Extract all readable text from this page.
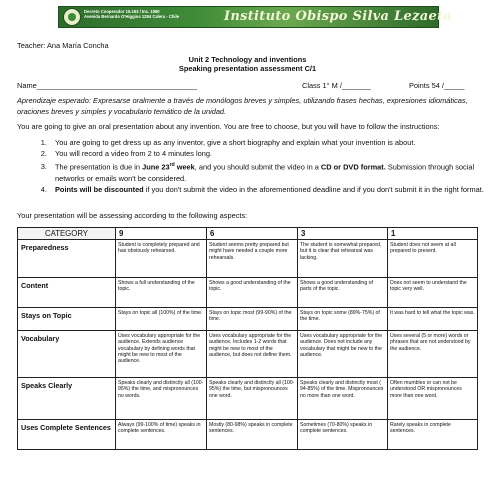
Decreto Cooperador 16.183 / Inc. 1980
Avenida Bernardo O'Higgins 1284 Calera - Chile	Instituto Obispo Silva Lezaeta
Teacher: Ana María Concha
Unit 2 Technology and inventions
Speaking presentation assessment C/1
Name_______________________________________	Class 1° M /_______	Points 54 /_____
Aprendizaje esperado: Expresarse oralmente a través de monólogos breves y simples, utilizando frases hechas, expresiones idiomáticas, oraciones breves y simples y vocabulario temático de la unidad.
You are going to give an oral presentation about any invention. You are free to choose, but you will have to follow the instructions:
1. You are going to get dress up as any inventor, give a short biography and explain what your invention is about.
2. You will record a video from 2 to 4 minutes long.
3. The presentation is due in June 23rd week, and you should submit the video in a CD or DVD format. Submission through social networks or emails won't be considered.
4. Points will be discounted if you don't submit the video in the aforementioned deadline and if you don't submit it in the right format.
Your presentation will be assessing according to the following aspects:
CATEGORY	9	6	3	1
Preparedness	Student is completely prepared and has obviously rehearsed.	Student seems pretty prepared but might have needed a couple more rehearsals.	The student is somewhat prepared, but it is clear that rehearsal was lacking.	Student does not seem at all prepared to present.
Content	Shows a full understanding of the topic.	Shows a good understanding of the topic.	Shows a good understanding of parts of the topic.	Does not seem to understand the topic very well.
Stays on Topic	Stays on topic all (100%) of the time.	Stays on topic most (99-90%) of the time.	Stays on topic some (89%-75%) of the time.	It was hard to tell what the topic was.
Vocabulary	Uses vocabulary appropriate for the audience. Extends audience vocabulary by defining words that might be new to most of the audience.	Uses vocabulary appropriate for the audience. Includes 1-2 words that might be new to most of the audience, but does not define them.	Uses vocabulary appropriate for the audience. Does not include any vocabulary that might be new to the audience.	Uses several (5 or more) words or phrases that are not understood by the audience.
Speaks Clearly	Speaks clearly and distinctly all (100-95%) the time, and mispronounces no words.	Speaks clearly and distinctly all (100-95%) the time, but mispronounces one word.	Speaks clearly and distinctly most ( 94-85%) of the time. Mispronounces no more than one word.	Often mumbles or can not be understood OR mispronounces more than one word.
Uses Complete Sentences	Always (99-100% of time) speaks in complete sentences.	Mostly (80-98%) speaks in complete sentences.	Sometimes (70-80%) speaks in complete sentences.	Rarely speaks in complete sentences.
